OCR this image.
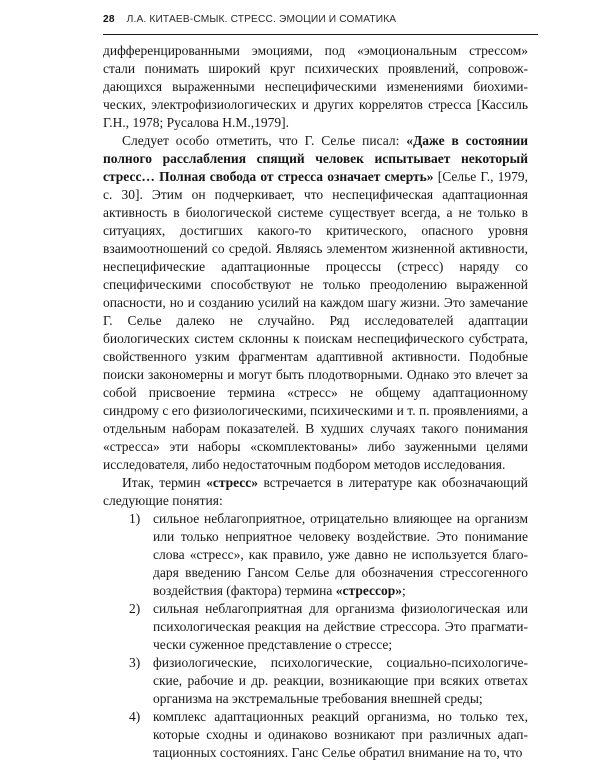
28 Л.А. КИТАЕВ-СМЫК. СТРЕСС. ЭМОЦИИ И СОМАТИКА

дифференцированными эмоциями, под «эмоциональным стрессом» стали понимать широкий круг психических проявлений, сопровождающихся выраженными неспецифическими изменениями биохимических, электрофизиологических и других коррелятов стресса [Кассиль Г.Н., 1978; Русалова Н.М.,1979].

Следует особо отметить, что Г. Селье писал: «Даже в состоянии полного расслабления спящий человек испытывает некоторый стресс… Полная свобода от стресса означает смерть» [Селье Г., 1979, с. 30]. Этим он подчеркивает, что неспецифическая адаптационная активность в биологической системе существует всегда, а не только в ситуациях, достигших какого-то критического, опасного уровня взаимоотношений со средой. Являясь элементом жизненной активности, неспецифические адаптационные процессы (стресс) наряду со специфическими способствуют не только преодолению выраженной опасности, но и созданию усилий на каждом шагу жизни. Это замечание Г. Селье далеко не случайно. Ряд исследователей адаптации биологических систем склонны к поискам неспецифического субстрата, свойственного узким фрагментам адаптивной активности. Подобные поиски закономерны и могут быть плодотворными. Однако это влечет за собой присвоение термина «стресс» не общему адаптационному синдрому с его физиологическими, психическими и т. п. проявлениями, а отдельным наборам показателей. В худших случаях такого понимания «стресса» эти наборы «скомплектованы» либо зауженными целями исследователя, либо недостаточным подбором методов исследования.

Итак, термин «стресс» встречается в литературе как обозначающий следующие понятия:

1) сильное неблагоприятное, отрицательно влияющее на организм или только неприятное человеку воздействие. Это понимание слова «стресс», как правило, уже давно не используется благодаря введению Гансом Селье для обозначения стрессогенного воздействия (фактора) термина «стрессор»;
2) сильная неблагоприятная для организма физиологическая или психологическая реакция на действие стрессора. Это прагматически суженное представление о стрессе;
3) физиологические, психологические, социально-психологические, рабочие и др. реакции, возникающие при всяких ответах организма на экстремальные требования внешней среды;
4) комплекс адаптационных реакций организма, но только тех, которые сходны и одинаково возникают при различных адаптационных состояниях. Ганс Селье обратил внимание на то, что
